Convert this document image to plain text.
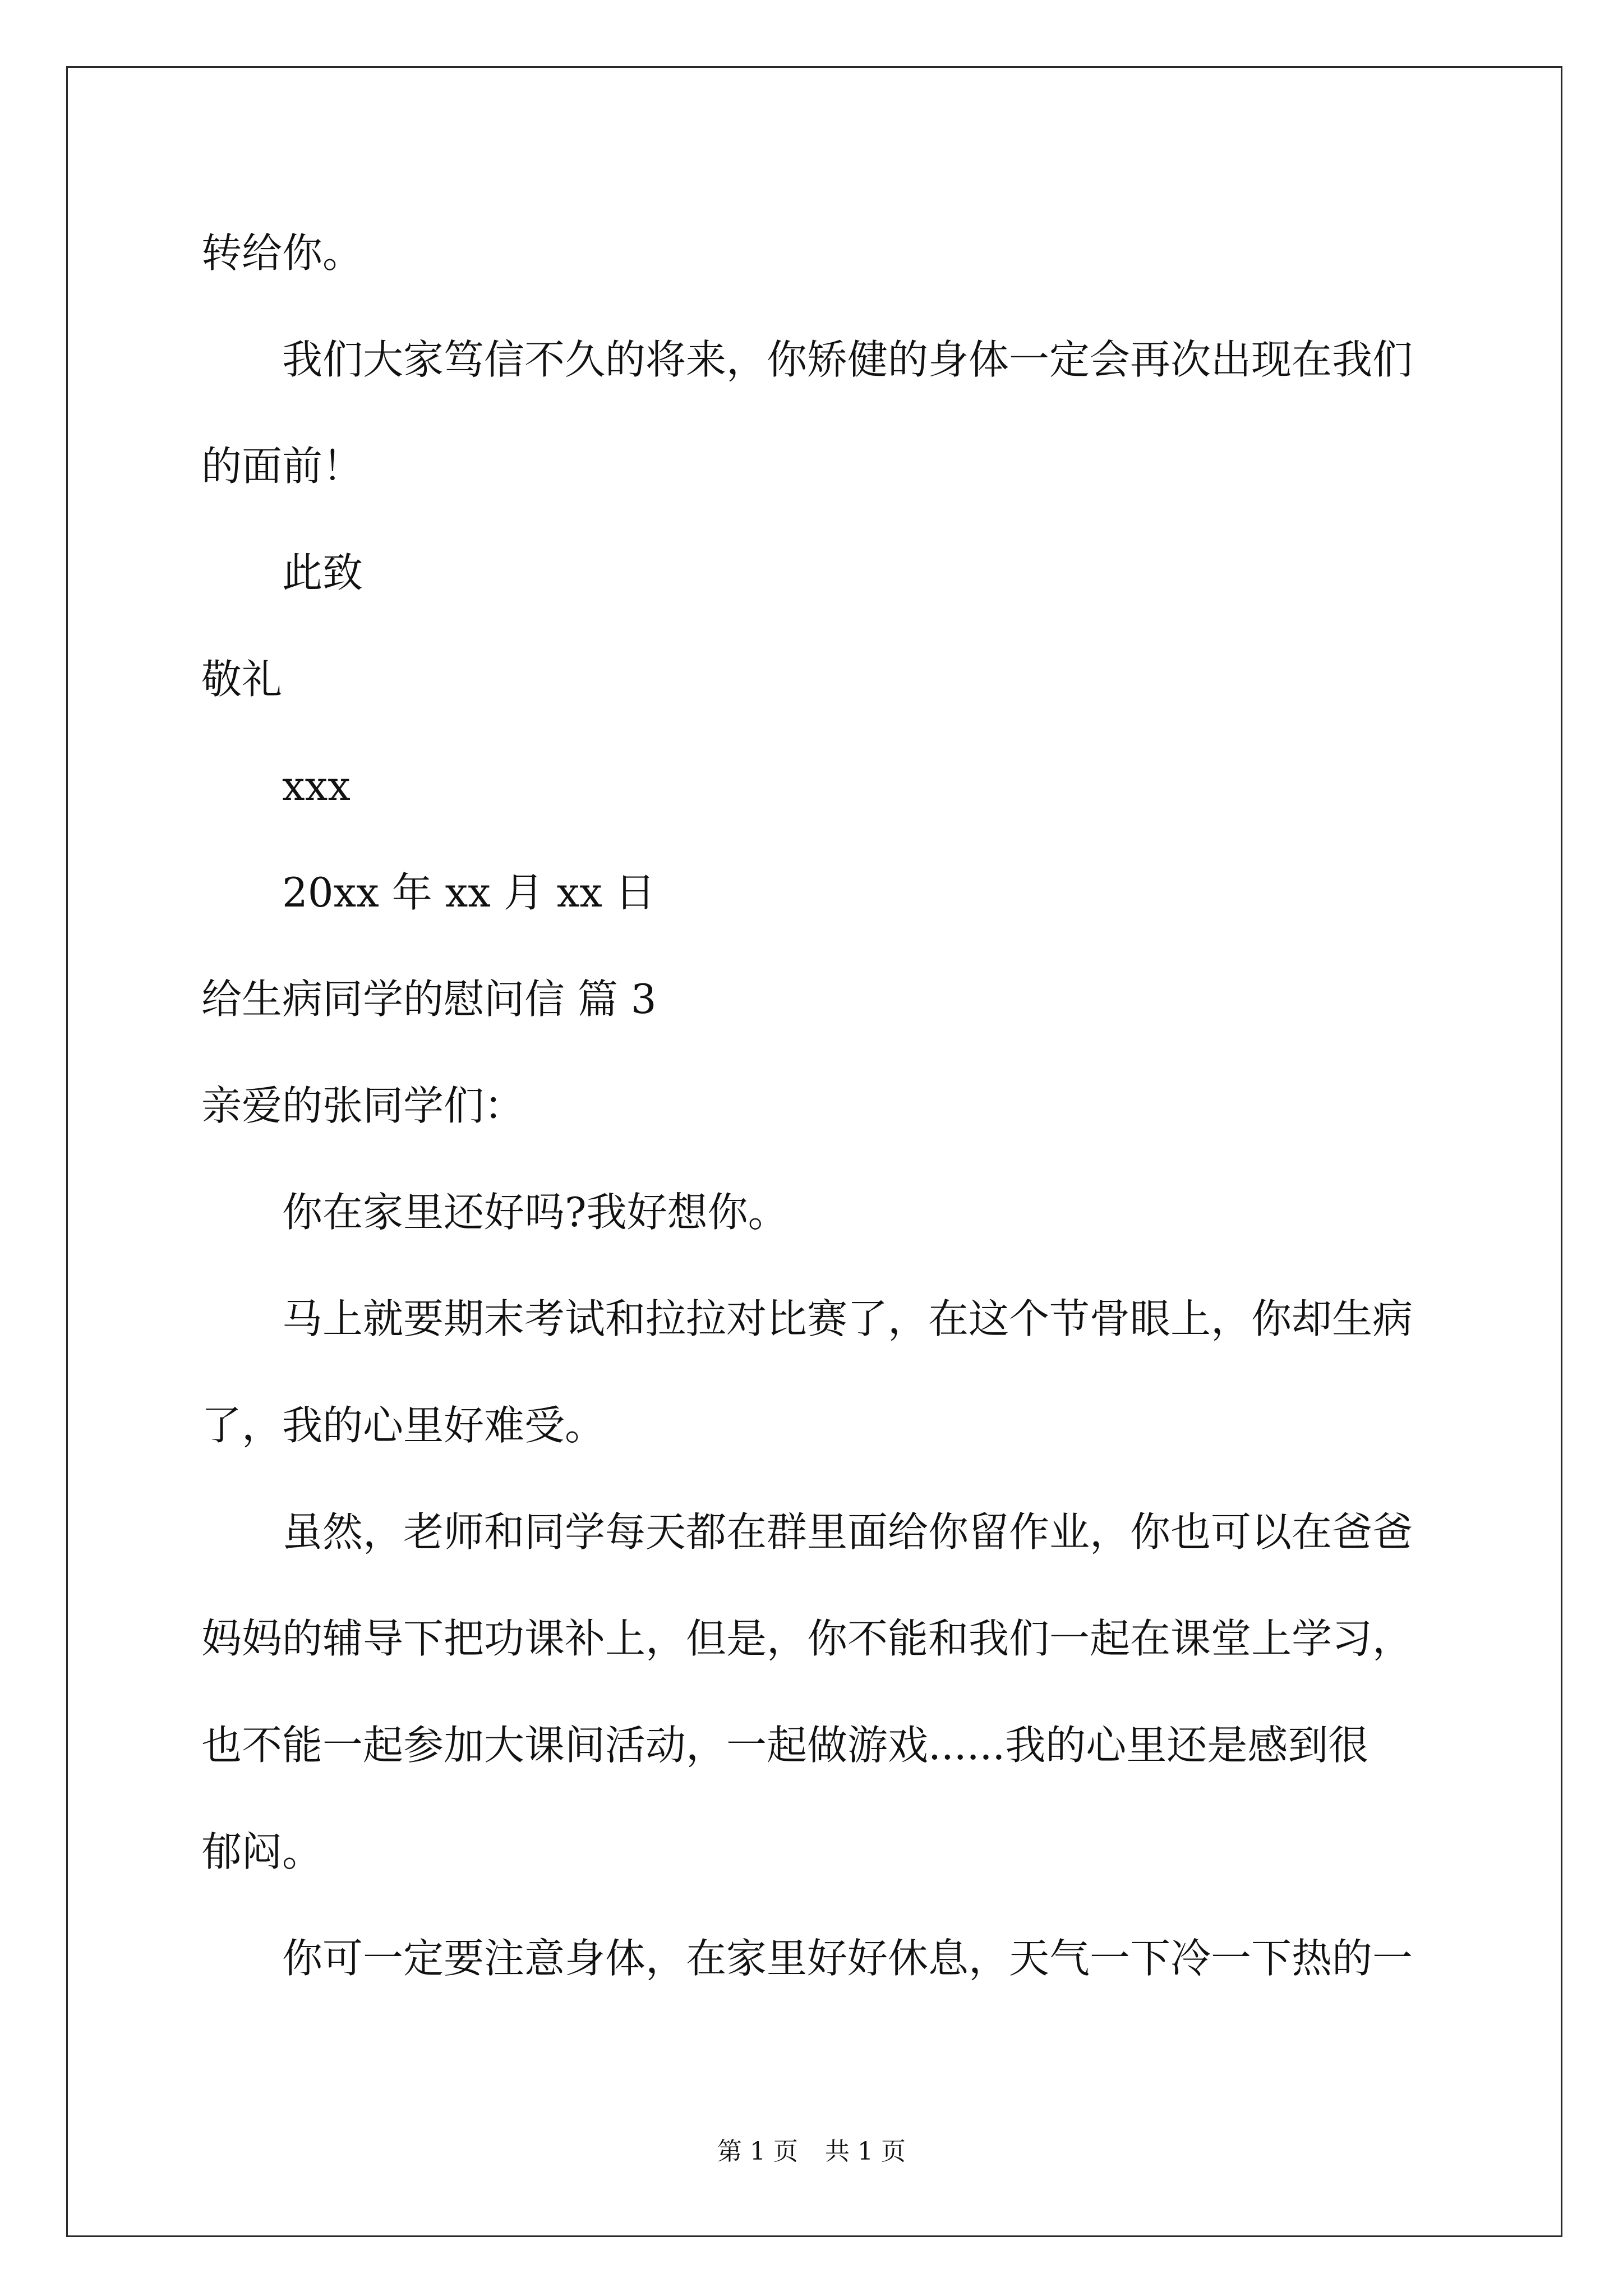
转给你。
我们大家笃信不久的将来，你矫健的身体一定会再次出现在我们
的面前！
此致
敬礼
xxx
20xx 年 xx 月 xx 日
给生病同学的慰问信 篇 3
亲爱的张同学们：
你在家里还好吗?我好想你。
马上就要期末考试和拉拉对比赛了，在这个节骨眼上，你却生病
了，我的心里好难受。
虽然，老师和同学每天都在群里面给你留作业，你也可以在爸爸
妈妈的辅导下把功课补上，但是，你不能和我们一起在课堂上学习，
也不能一起参加大课间活动，一起做游戏......我的心里还是感到很
郁闷。
你可一定要注意身体，在家里好好休息，天气一下冷一下热的一
第 1 页 共 1 页
